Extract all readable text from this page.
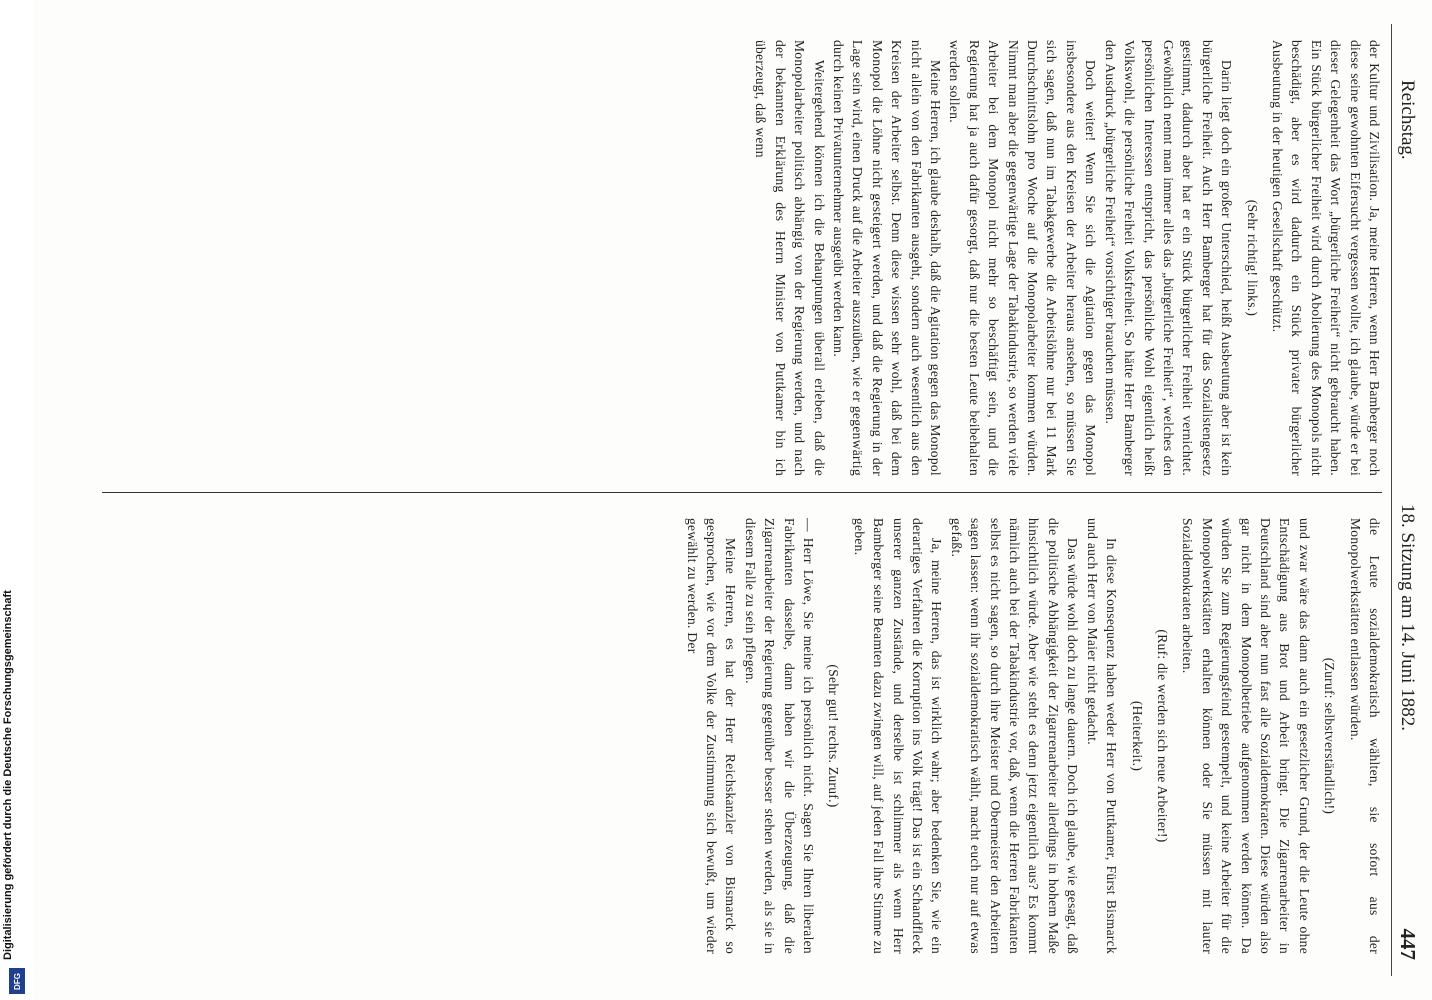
Reichstag.
18. Sitzung am 14. Juni 1882.
447

der Kultur und Zivilisation. Ja, meine Herren, wenn Herr Bamberger noch diese seine gewohnten Eifersucht vergessen wollte, ich glaube, würde er bei dieser Gelegenheit das Wort „bürgerliche Freiheit“ nicht gebraucht haben. Ein Stück bürgerlicher Freiheit wird durch Abolierung des Monopols nicht beschädigt, aber es wird dadurch ein Stück privater bürgerlicher Ausbeutung in der heutigen Gesellschaft geschützt.

(Sehr richtig! links.)

Darin liegt doch ein großer Unterschied, heißt Ausbeutung aber ist kein bürgerliche Freiheit. Auch Herr Bamberger hat für das Sozialistengesetz gestimmt, dadurch aber hat er ein Stück bürgerlicher Freiheit vernichtet. Gewöhnlich nennt man immer alles das „bürgerliche Freiheit“, welches den persönlichen Interessen entspricht, das persönliche Wohl eigentlich heißt Volkswohl, die persönliche Freiheit Volksfreiheit. So hätte Herr Bamberger den Ausdruck „bürgerliche Freiheit“ vorsichtiger brauchen müssen.

Doch weiter! Wenn Sie sich die Agitation gegen das Monopol insbesondere aus den Kreisen der Arbeiter heraus ansehen, so müssen Sie sich sagen, daß nun im Tabakgewerbe die Arbeitslöhne nur bei 11 Mark Durchschnittslohn pro Woche auf die Monopolarbeiter kommen würden. Nimmt man aber die gegenwärtige Lage der Tabakindustrie, so werden viele Arbeiter bei dem Monopol nicht mehr so beschäftigt sein, und die Regierung hat ja auch dafür gesorgt, daß nur die besten Leute beibehalten werden sollen.

Meine Herren, ich glaube deshalb, daß die Agitation gegen das Monopol nicht allein von den Fabrikanten ausgeht, sondern auch wesentlich aus den Kreisen der Arbeiter selbst. Denn diese wissen sehr wohl, daß bei dem Monopol die Löhne nicht gesteigert werden, und daß die Regierung in der Lage sein wird, einen Druck auf die Arbeiter auszuüben, wie er gegenwärtig durch keinen Privatunternehmer ausgeübt werden kann.

Weitergehend können ich die Behauptungen überall erleben, daß die Monopolarbeiter politisch abhängig von der Regierung werden, und nach der bekannten Erklärung des Herrn Minister von Puttkamer bin ich überzeugt, daß wenn

die Leute sozialdemokratisch wählten, sie sofort aus der Monopolwerkstätten entlassen würden.

(Zuruf: selbstverständlich!)

und zwar wäre das dann auch ein gesetzlicher Grund, der die Leute ohne Entschädigung aus Brot und Arbeit bringt. Die Zigarrenarbeiter in Deutschland sind aber nun fast alle Sozialdemokraten. Diese würden also gar nicht in dem Monopolbetriebe aufgenommen werden können. Da würden Sie zum Regierungsfeind gestempelt, und keine Arbeiter für die Monopolwerkstätten erhalten können oder Sie müssen mit lauter Sozialdemokraten arbeiten.

(Ruf: die werden sich neue Arbeiter!)

(Heiterkeit.)

In diese Konsequenz haben weder Herr von Puttkamer, Fürst Bismarck und auch Herr von Maier nicht gedacht.

Das würde wohl doch zu lange dauern. Doch ich glaube, wie gesagt, daß die politische Abhängigkeit der Zigarrenarbeiter allerdings in hohem Maße hinsichtlich würde. Aber wie steht es denn jetzt eigentlich aus? Es kommt nämlich auch bei der Tabakindustrie vor, daß, wenn die Herren Fabrikanten selbst es nicht sagen, so durch ihre Meister und Obermeister den Arbeitern sagen lassen: wenn ihr sozialdemokratisch wählt, macht euch nur auf etwas gefaßt.

Ja, meine Herren, das ist wirklich wahr; aber bedenken Sie, wie ein derartiges Verfahren die Korruption ins Volk trägt! Das ist ein Schandfleck unserer ganzen Zustände, und derselbe ist schlimmer als wenn Herr Bamberger seine Beamten dazu zwingen will, auf jeden Fall ihre Stimme zu geben.

(Sehr gut! rechts. Zuruf.)

— Herr Löwe, Sie meine ich persönlich nicht. Sagen Sie Ihren liberalen Fabrikanten dasselbe, dann haben wir die Überzeugung, daß die Zigarrenarbeiter der Regierung gegenüber besser stehen werden, als sie in diesem Falle zu sein pflegen.

Meine Herren, es hat der Herr Reichskanzler von Bismarck so gesprochen, wie vor dem Volke der Zustimmung sich bewußt, um wieder gewählt zu werden. Der

Digitalisierung gefördert durch die Deutsche Forschungsgemeinschaft
DFG
